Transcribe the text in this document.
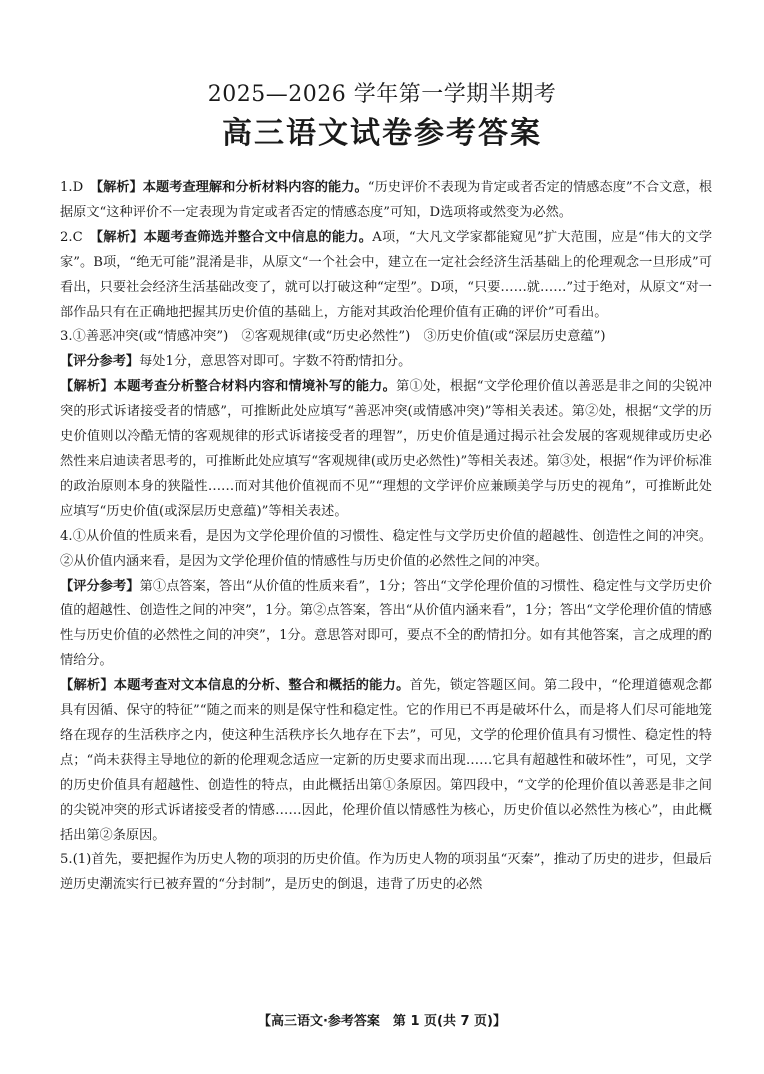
2025—2026 学年第一学期半期考
高三语文试卷参考答案

1.D　 【解析】本题考查理解和分析材料内容的能力。“历史评价不表现为肯定或者否定的情感态度”不合文意，根据原文“这种评价不一定表现为肯定或者否定的情感态度”可知，D选项将或然变为必然。

2.C　 【解析】本题考查筛选并整合文中信息的能力。A项，“大凡文学家都能窥见”扩大范围，应是“伟大的文学家”。B项，“绝无可能”混淆是非，从原文“一个社会中，建立在一定社会经济生活基础上的伦理观念一旦形成”可看出，只要社会经济生活基础改变了，就可以打破这种“定型”。D项，“只要……就……”过于绝对，从原文“对一部作品只有在正确地把握其历史价值的基础上，方能对其政治伦理价值有正确的评价”可看出。

3.①善恶冲突(或“情感冲突”)　②客观规律(或“历史必然性”)　③历史价值(或“深层历史意蕴”)

【评分参考】每处1分，意思答对即可。字数不符酌情扣分。

【解析】本题考查分析整合材料内容和情境补写的能力。第①处，根据“文学伦理价值以善恶是非之间的尖锐冲突的形式诉诸接受者的情感”，可推断此处应填写“善恶冲突(或情感冲突)”等相关表述。第②处，根据“文学的历史价值则以冷酷无情的客观规律的形式诉诸接受者的理智”，历史价值是通过揭示社会发展的客观规律或历史必然性来启迪读者思考的，可推断此处应填写“客观规律(或历史必然性)”等相关表述。第③处，根据“作为评价标准的政治原则本身的狭隘性……而对其他价值视而不见”“理想的文学评价应兼顾美学与历史的视角”，可推断此处应填写“历史价值(或深层历史意蕴)”等相关表述。

4.①从价值的性质来看，是因为文学伦理价值的习惯性、稳定性与文学历史价值的超越性、创造性之间的冲突。②从价值内涵来看，是因为文学伦理价值的情感性与历史价值的必然性之间的冲突。

【评分参考】第①点答案，答出“从价值的性质来看”，1分；答出“文学伦理价值的习惯性、稳定性与文学历史价值的超越性、创造性之间的冲突”，1分。第②点答案，答出“从价值内涵来看”，1分；答出“文学伦理价值的情感性与历史价值的必然性之间的冲突”，1分。意思答对即可，要点不全的酌情扣分。如有其他答案，言之成理的酌情给分。

【解析】本题考查对文本信息的分析、整合和概括的能力。首先，锁定答题区间。第二段中，“伦理道德观念都具有因循、保守的特征”“随之而来的则是保守性和稳定性。它的作用已不再是破坏什么，而是将人们尽可能地笼络在现存的生活秩序之内，使这种生活秩序长久地存在下去”，可见，文学的伦理价值具有习惯性、稳定性的特点；“尚未获得主导地位的新的伦理观念适应一定新的历史要求而出现……它具有超越性和破坏性”，可见，文学的历史价值具有超越性、创造性的特点，由此概括出第①条原因。第四段中，“文学的伦理价值以善恶是非之间的尖锐冲突的形式诉诸接受者的情感……因此，伦理价值以情感性为核心，历史价值以必然性为核心”，由此概括出第②条原因。

5.(1)首先，要把握作为历史人物的项羽的历史价值。作为历史人物的项羽虽“灭秦”，推动了历史的进步，但最后逆历史潮流实行已被弃置的“分封制”，是历史的倒退，违背了历史的必然

【高三语文·参考答案　第 1 页(共 7 页)】
